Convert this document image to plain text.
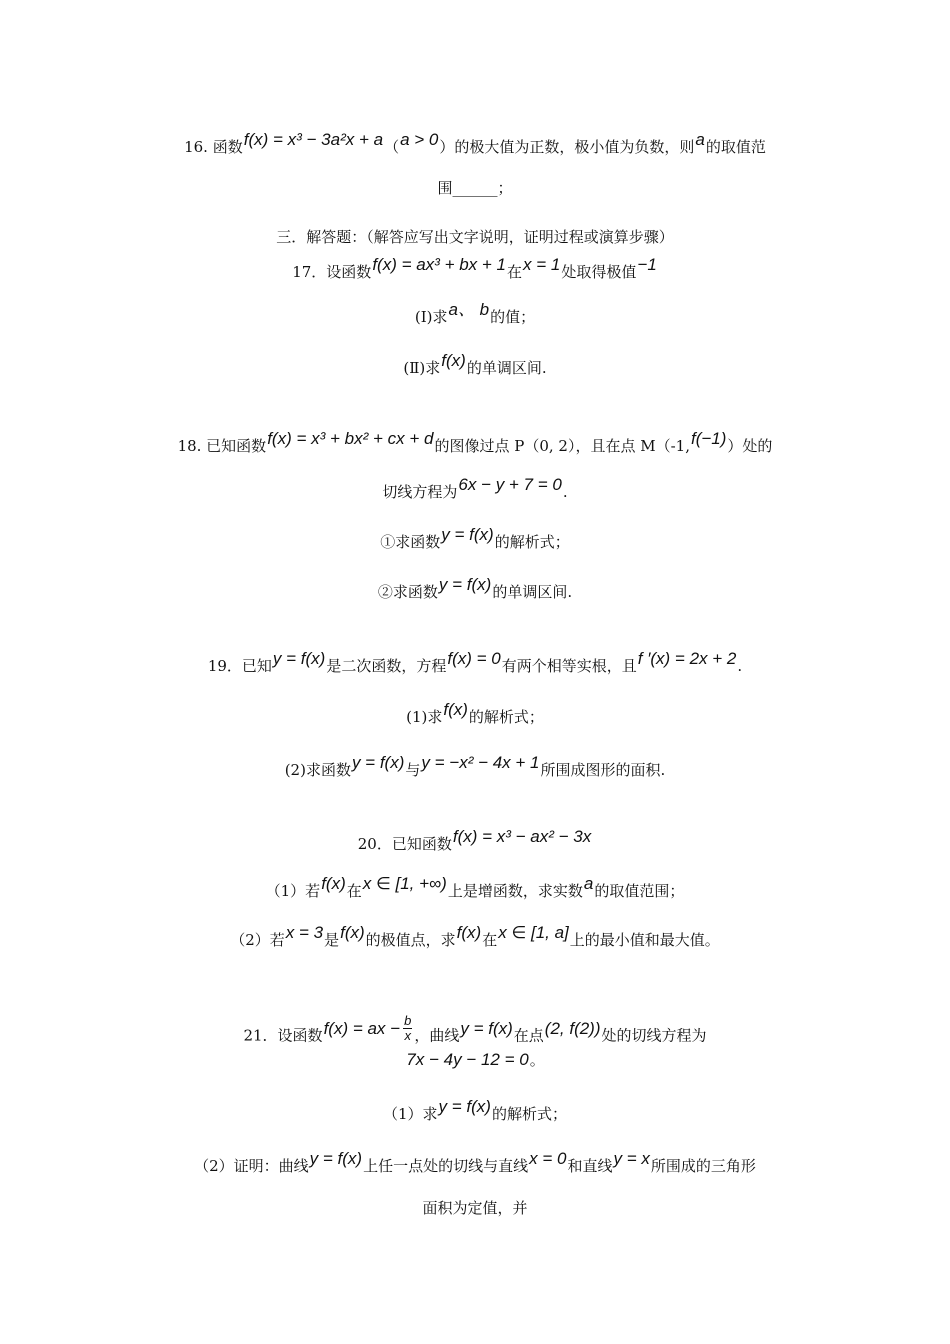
16. 函数f(x) = x³ − 3a²x + a（a > 0）的极大值为正数，极小值为负数，则a的取值范
围______；
三．解答题：（解答应写出文字说明，证明过程或演算步骤）
17．设函数f(x) = ax³ + bx + 1在x = 1处取得极值−1
(Ⅰ)求a、 b的值；
(Ⅱ)求f(x)的单调区间.
18. 已知函数f(x) = x³ + bx² + cx + d的图像过点 P（0, 2），且在点 M（-1,f(−1)）处的
切线方程为6x − y + 7 = 0.
①求函数y = f(x)的解析式；
②求函数y = f(x)的单调区间.
19．已知y = f(x)是二次函数，方程f(x) = 0有两个相等实根，且f ′(x) = 2x + 2.
(1)求f(x)的解析式；
(2)求函数y = f(x)与y = −x² − 4x + 1所围成图形的面积.
20．已知函数f(x) = x³ − ax² − 3x
（1）若f(x)在x ∈ [1, +∞)上是增函数，求实数a的取值范围；
（2）若x = 3是f(x)的极值点，求f(x)在x ∈ [1, a]上的最小值和最大值。
21．设函数f(x) = ax − $\frac{b}{x}$ ，曲线y = f(x)在点(2, f(2))处的切线方程为
7x − 4y − 12 = 0。
（1）求y = f(x)的解析式；
（2）证明：曲线y = f(x)上任一点处的切线与直线x = 0和直线y = x所围成的三角形
面积为定值，并
